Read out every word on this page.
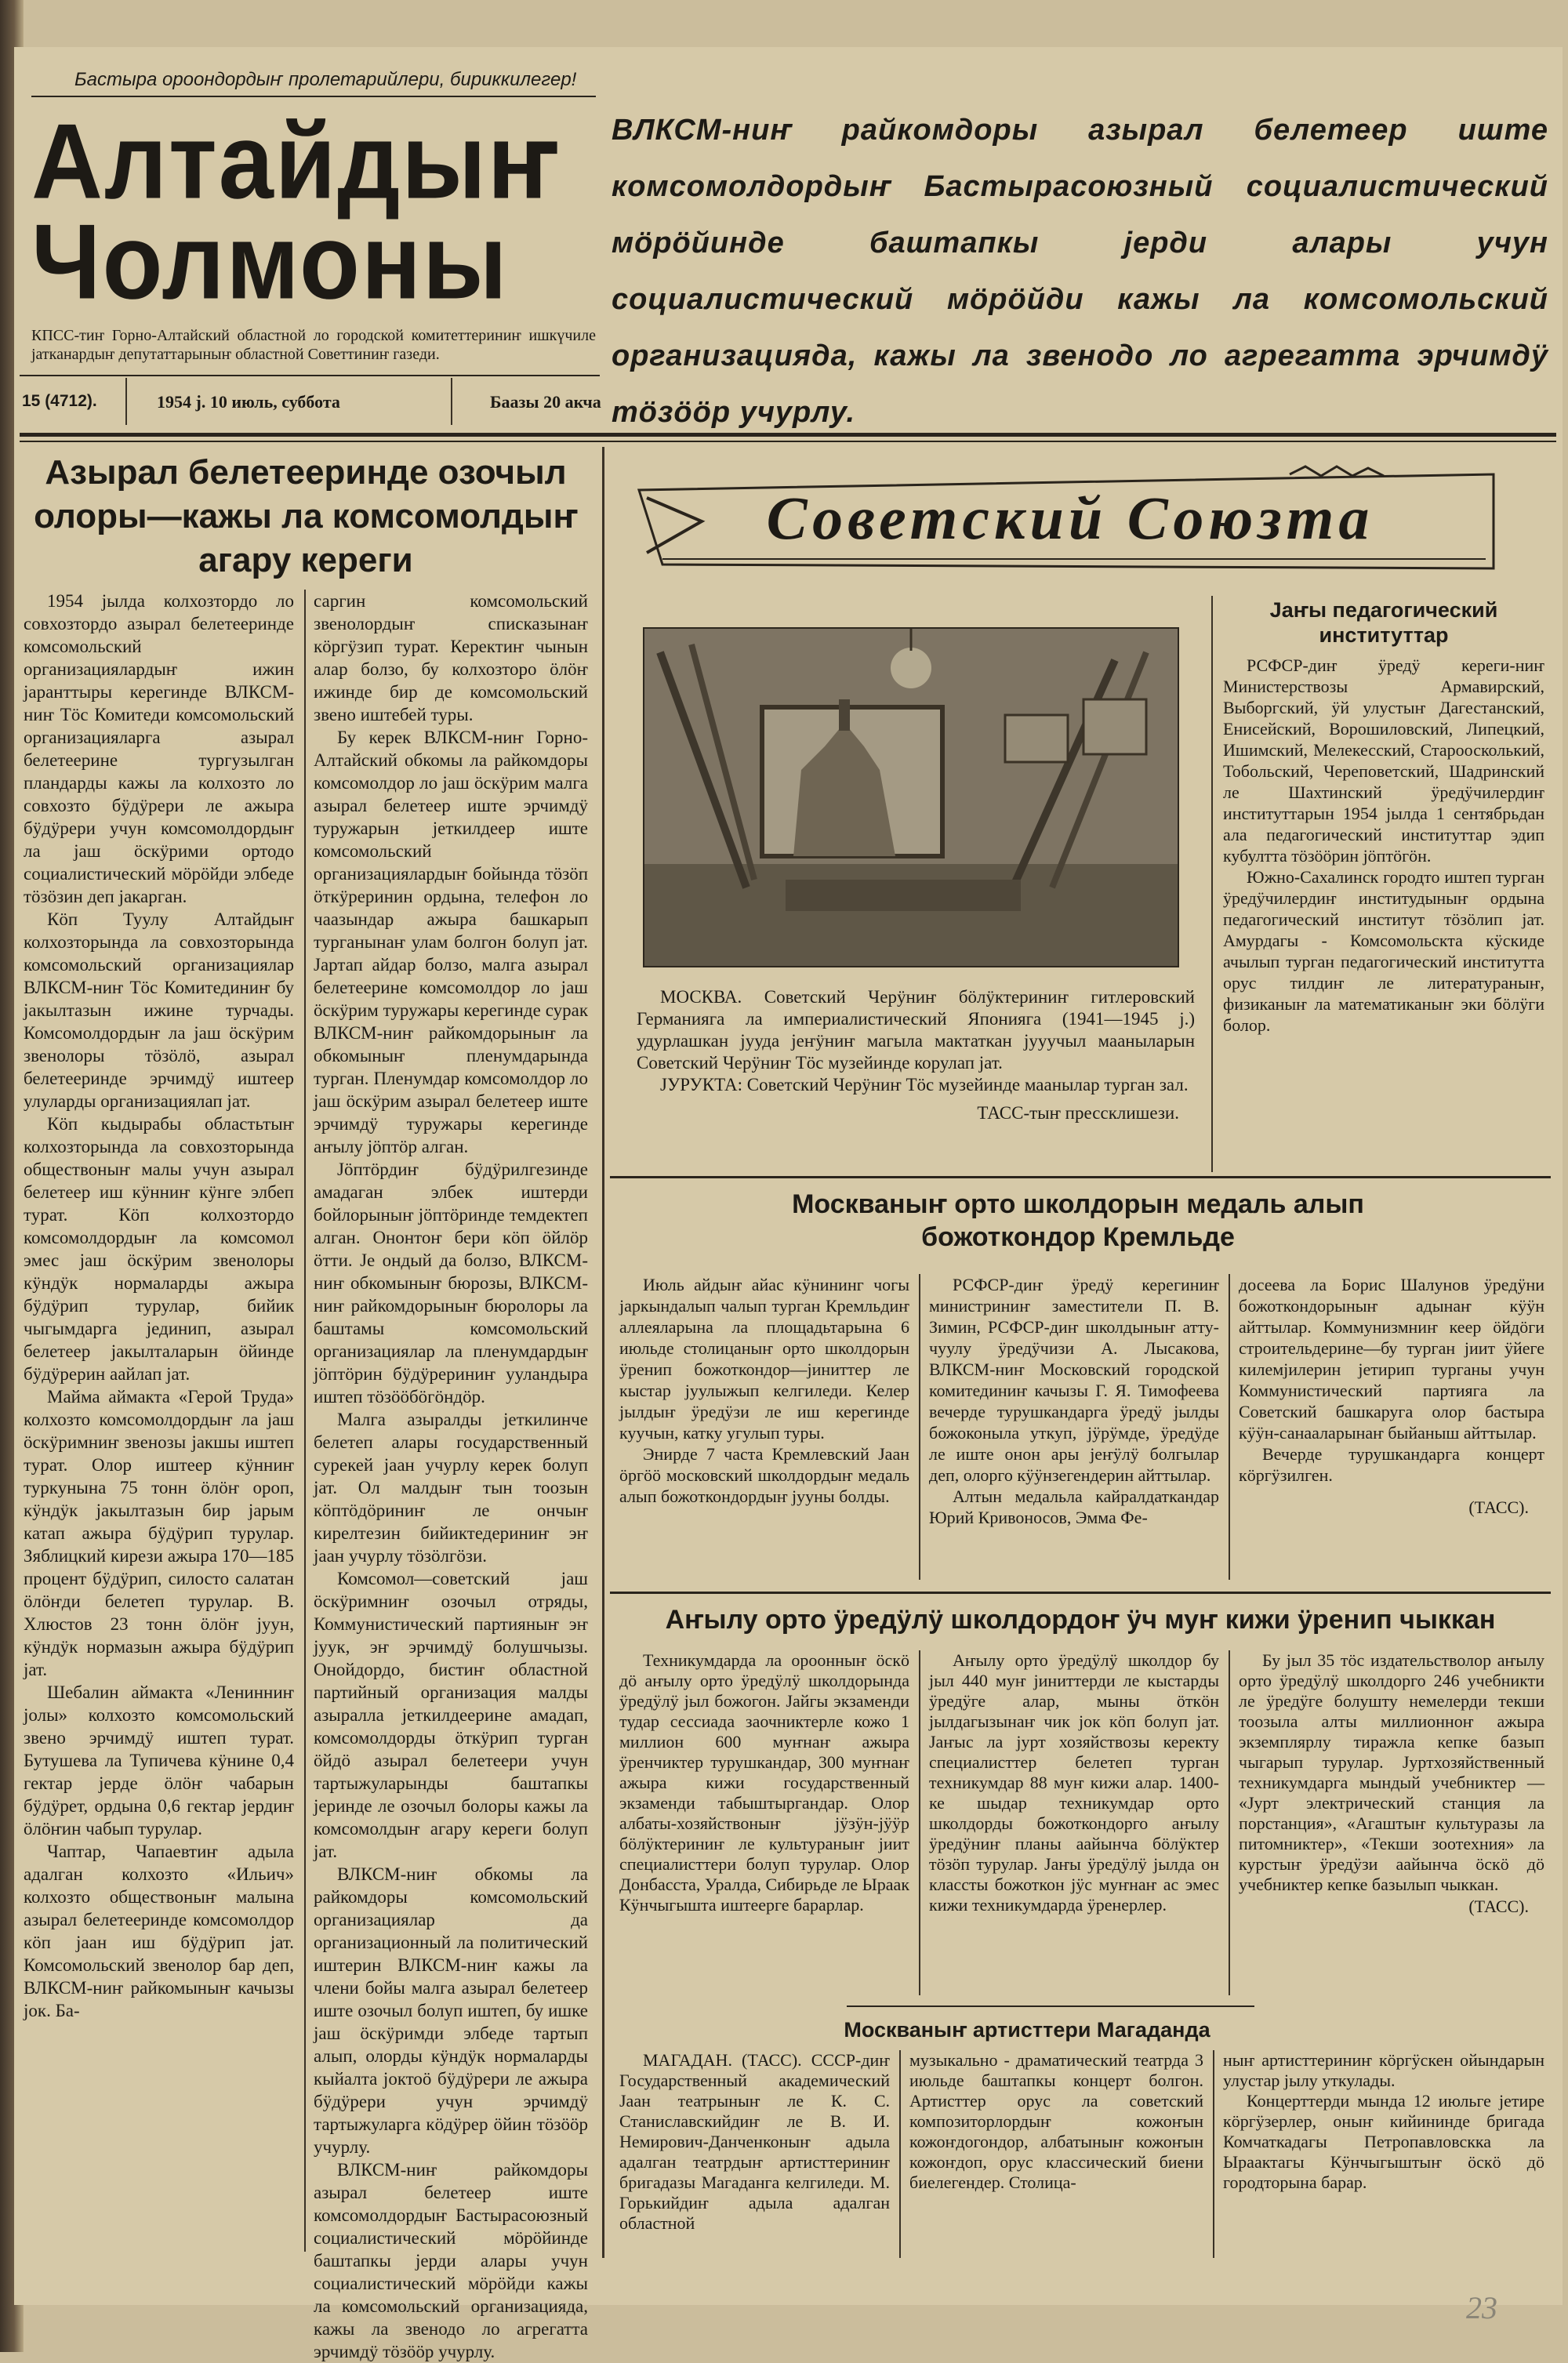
Бастыра ороондордыҥ пролетарийлери, бириккилегер!
Алтайдыҥ
Чолмоны
КПСС-тиҥ Горно-Алтайский областной ло городской комитеттериниҥ ишкүчиле јатканардыҥ депутаттарыныҥ областной Советтиниҥ газеди.
15 (4712).	1954 ј. 10 июль, суббота	Баазы 20 акча
ВЛКСМ-ниҥ райкомдоры азырал белетеер иште комсомолдордыҥ Бастырасоюзный социалистический мӧрӧйинде баштапкы јерди алары учун социалистический мӧрӧйди кажы ла комсомольский организацияда, кажы ла звенодо ло агрегатта эрчимдӱ тӧзӧӧр учурлу.
Азырал белетееринде озочыл олоры—кажы ла комсомолдыҥ агару кереги

1954 јылда колхозтордо ло совхозтордо азырал белетееринде комсомольский организациялардыҥ ижин јаранттыры керегинде ВЛКСМ-ниҥ Тӧс Комитеди комсомольский организацияларга азырал белетеерине тургузылган пландарды кажы ла колхозто ло совхозто бӱдӱрери ле ажыра бӱдӱрери учун комсомолдордыҥ ла јаш ӧскӱрими ортодо социалистический мӧрӧйди элбеде тӧзӧзин деп јакарган.

Кӧп Туулу Алтайдыҥ колхозторында ла совхозторында комсомольский организациялар ВЛКСМ-ниҥ Тӧс Комитединиҥ бу јакылтазын ижине турчады. Комсомолдордыҥ ла јаш ӧскӱрим звенолоры тӧзӧлӧ, азырал белетееринде эрчимдӱ иштеер улуларды организациялап јат.

Кӧп кыдырабы областьтыҥ колхозторында ла совхозторында обществоныҥ малы учун азырал белетеер иш кӱнниҥ кӱнге элбеп турат. Кӧп колхозтордо комсомолдордыҥ ла комсомол эмес јаш ӧскӱрим звенолоры кӱндӱк нормаларды ажыра бӱдӱрип турулар, бийик чыгымдарга јединип, азырал белетеер јакылталарын ӧйинде бӱдӱрерин аайлап јат.

Майма аймакта «Герой Труда» колхозто комсомолдордыҥ ла јаш ӧскӱримниҥ звенозы јакшы иштеп турат. Олор иштееp кӱнниҥ туркунына 75 тонн ӧлӧҥ ороп, кӱндӱк јакылтазын бир јарым катап ажыра бӱдӱрип турулар. Зяблицкий кирези ажыра 170—185 процент бӱдӱрип, силосто салатан ӧлӧҥди белетеп турулар. В. Хлюстов 23 тонн ӧлӧҥ јуун, кӱндӱк нормазын ажыра бӱдӱрип јат.

Шебалин аймакта «Ленинниҥ јолы» колхозто комсомольский звено эрчимдӱ иштеп турат. Бутушева ла Тупичева кӱнине 0,4 гектар јерде ӧлӧҥ чабарын бӱдӱрет, ордына 0,6 гектар јердиҥ ӧлӧҥин чабып турулар.

Чаптар, Чапаевтиҥ адыла адалган колхозто «Ильич» колхозто обществоныҥ малына азырал белетееринде комсомолдор кӧп јаан иш бӱдӱрип јат. Комсомольский звенолор бар деп, ВЛКСМ-ниҥ райкомыныҥ качызы јок. Ба-

саргин комсомольский звенолордыҥ списказынаҥ кӧргӱзип турат. Керектиҥ чынын алар болзо, бу колхозторо ӧлӧҥ ижинде бир де комсомольский звено иштебей туры.

Бу керек ВЛКСМ-ниҥ Горно-Алтайский обкомы ла райкомдоры комсомолдор ло јаш ӧскӱрим малга азырал белетеер иште эрчимдӱ туружарын јеткилдеер иште комсомольский организациялардыҥ бойында тӧзӧп ӧткӱреринин ордына, телефон ло чаазындар ажыра башкарып турганынаҥ улам болгон болуп јат. Јартап айдар болзо, малга азырал белетеерине комсомолдор ло јаш ӧскӱрим туружары керегинде сурак ВЛКСМ-ниҥ райкомдорыныҥ ла обкомыныҥ пленумдарында турган. Пленумдар комсомолдор ло јаш ӧскӱрим азырал белетеер иште эрчимдӱ туружары керегинде аҥылу јӧптӧр алган.

Јӧптӧрдиҥ бӱдӱрилгезинде амадаган элбек иштерди бойлорыныҥ јӧптӧринде темдектеп алган. Ононтоҥ бери кӧп ӧйлӧр ӧтти. Је ондый да болзо, ВЛКСМ-ниҥ обкомыныҥ бюрозы, ВЛКСМ-ниҥ райкомдорыныҥ бюролоры ла баштамы комсомольский организациялар ла пленумдардыҥ јӧптӧрин бӱдӱрериниҥ ууландыра иштеп тӧзӧӧбӧгӧндӧр.

Малга азыралды јеткилинче белетеп алары государственный сурекей јаан учурлу керек болуп јат. Ол малдыҥ тын тоозын кӧптӧдӧриниҥ ле ончыҥ кирелтезин бийиктедериниҥ эҥ јаан учурлу тӧзӧлгӧзи.

Комсомол—советский јаш ӧскӱримниҥ озочыл отряды, Коммунистический партияныҥ эҥ јуук, эҥ эрчимдӱ болушчызы. Онойдордо, бистиҥ областной партийный организация малды азыралла јеткилдеерине амадап, комсомолдорды ӧткӱрип турган ӧйдӧ азырал белетеери учун тартыжуларынды баштапкы јеринде ле озочыл болоры кажы ла комсомолдыҥ агару кереги болуп јат.

ВЛКСМ-ниҥ обкомы ла райкомдоры комсомольский организациялар да организационный ла политический иштерин ВЛКСМ-ниҥ кажы ла члени бойы малга азырал белетеер иште озочыл болуп иштеп, бу ишке јаш ӧскӱримди элбеде тартып алып, олорды кӱндӱк нормаларды кыйалта јоктоӧ бӱдӱрери ле ажыра бӱдӱрери учун эрчимдӱ тартыжуларга кӧдӱрер ӧйин тӧзӧӧр учурлу.

ВЛКСМ-ниҥ райкомдоры азырал белетеер иште комсомолдордыҥ Бастырасоюзный социалистический мӧрӧйинде баштапкы јерди алары учун социалистический мӧрӧйди кажы ла комсомольский организацияда, кажы ла звенодо ло агрегатта эрчимдӱ тӧзӧӧр учурлу.

Советский Союзта
МОСКВА. Советский Черӱниҥ бӧлӱктериниҥ гитлеровский Германияга ла империалистический Японияга (1941—1945 ј.) удурлашкан јууда јеҥӱниҥ магыла мактаткан јууучыл мааныларын Советский Черӱниҥ Тӧс музейинде корулап јат.
ЈУРУКТА: Советский Черӱниҥ Тӧс музейинде маанылар турган зал.
ТАСС-тыҥ прессклишези.
Јаҥы педагогический институттар

РСФСР-диҥ ӱредӱ кереги-ниҥ Министерствозы Армавирский, Выборгский, ӱй улустыҥ Дагестанский, Енисейский, Ворошиловский, Липецкий, Ишимский, Мелекесский, Староосколький, Тобольский, Череповетский, Шадринский ле Шахтинский ӱредӱчилердиҥ институттарын 1954 јылда 1 сентябрьдан ала педагогический институттар эдип кубултта тӧзӧӧрин јӧптӧгӧн.

Южно-Сахалинск городто иштеп турган ӱредӱчилердиҥ институдыныҥ ордына педагогический институт тӧзӧлип јат. Амурдагы - Комсомольскта кӱскиде ачылып турган педагогический институтта орус тилдиҥ ле литератураныҥ, физиканыҥ ла математиканыҥ эки бӧлӱги болор.

Москваныҥ орто школдорын медаль алып божоткондор Кремльде

Июль айдыҥ айас кӱнининг чогы јаркындалып чалып турган Кремльдиҥ аллеяларына ла площадьтарына 6 июльде столицаныҥ орто школдорын ӱренип божоткондор—јиниттер ле кыстар јуулыжып келгиледи. Келер јылдыҥ ӱредӱзи ле иш керегинде куучын, катку угулып туры.

Энирде 7 часта Кремлевский Јаан ӧргӧӧ московский школдордыҥ медаль алып божоткондордыҥ јууны болды.

РСФСР-диҥ ӱредӱ керегиниҥ министриниҥ заместители П. В. Зимин, РСФСР-диҥ школдыныҥ атту-чуулу ӱредӱчизи А. Лысакова, ВЛКСМ-ниҥ Московский городской комитединиҥ качызы Г. Я. Тимофеева вечерде турушкандарга ӱредӱ јылды божоконыла уткуп, јӱрӱмде, ӱредӱде ле иште онон ары јеҥӱлӱ болгылар деп, олорго кӱӱнзегендерин айттылар.

Алтын медальла кайралдаткандар Юрий Кривоносов, Эмма Фе-

досеева ла Борис Шалунов ӱредӱни божоткондорыныҥ адынаҥ кӱӱн айттылар. Коммунизмниҥ кеер ӧйдӧги строительдерине—бу турган јиит ӱйеге килемјилерин јетирип турганы учун Коммунистический партияга ла Советский башкаруга олор бастыра кӱӱн-санааларынаҥ быйаныш айттылар.

Вечерде турушкандарга концерт кӧргӱзилген.

(ТАСС).
Аҥылу орто ӱредӱлӱ школдордоҥ ӱч муҥ кижи ӱренип чыккан

Техникумдарда ла ороонныҥ ӧскӧ дӧ аҥылу орто ӱредӱлӱ школдорында ӱредӱлӱ јыл божогон. Јайгы экзаменди тудар сессиада заочниктерле кожо 1 миллион 600 муҥнаҥ ажыра ӱренчиктер турушкандар, 300 муҥнаҥ ажыра кижи государственный экзаменди табыштыргандар. Олор албаты-хозяйствоныҥ јӱзӱн-јӱӱр бӧлӱктериниҥ ле культураныҥ јиит специалисттери болуп турулар. Олор Донбасста, Уралда, Сибирьде ле Ыраак Кӱнчыгышта иштеерге барарлар.

Аҥылу орто ӱредӱлӱ школдор бу јыл 440 муҥ јиниттерди ле кыстарды ӱредӱге алар, мыны ӧткӧн јылдагызынаҥ чик јок кӧп болуп јат. Јаҥыс ла јурт хозяйствозы керекту специалисттер белетеп турган техникумдар 88 муҥ кижи алар. 1400-ке шыдар техникумдар орто школдорды божоткондорго аҥылу ӱредӱниҥ планы аайынча бӧлӱктер тӧзӧп турулар. Јаҥы ӱредӱлӱ јылда он классты божоткон јӱс муҥнаҥ ас эмес кижи техникумдарда ӱренерлер.

Бу јыл 35 тӧс издательстволор аҥылу орто ӱредӱлӱ школдорго 246 учебникти ле ӱредӱге болушту немелерди текши тоозыла алты миллионноҥ ажыра экземплярлу тиражла кепке базып чыгарып турулар. Јуртхозяйственный техникумдарга мындый учебниктер — «Јурт электрический станция ла порстанция», «Агаштыҥ культуразы ла питомниктер», «Текши зоотехния» ла курстыҥ ӱредӱзи аайынча ӧскӧ дӧ учебниктер кепке базылып чыккан.

(ТАСС).
Москваныҥ артисттери Магаданда

МАГАДАН. (ТАСС). СССР-диҥ Государственный академический Јаан театрыныҥ ле К. С. Станиславскийдиҥ ле В. И. Немирович-Данченконыҥ адыла адалган театрдыҥ артисттериниҥ бригадазы Магаданга келгиледи. М. Горькийдиҥ адыла адалган областной

музыкально - драматический театрда 3 июльде баштапкы концерт болгон. Артисттер орус ла советский композиторлордыҥ кожоҥын кожоҥдогондор, албатыныҥ кожоҥын кожоҥдоп, орус классический биени биелегендер. Столица-

ныҥ артисттериниҥ кӧргӱскен ойындарын улустар јылу уткулады.

Концерттерди мында 12 июльге јетире кӧргӱзерлер, оныҥ кийининде бригада Комчаткадагы Петропавловскка ла Ыраактагы Кӱнчыгыштыҥ ӧскӧ дӧ городторына барар.

23
